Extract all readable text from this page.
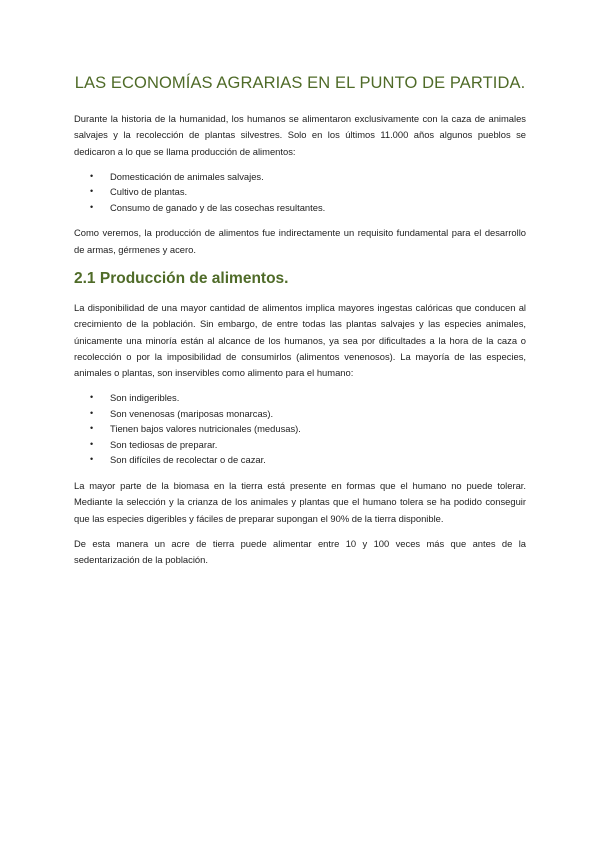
LAS ECONOMÍAS AGRARIAS EN EL PUNTO DE PARTIDA.

Durante la historia de la humanidad, los humanos se alimentaron exclusivamente con la caza de animales salvajes y la recolección de plantas silvestres. Solo en los últimos 11.000 años algunos pueblos se dedicaron a lo que se llama producción de alimentos:

• Domesticación de animales salvajes.
• Cultivo de plantas.
• Consumo de ganado y de las cosechas resultantes.

Como veremos, la producción de alimentos fue indirectamente un requisito fundamental para el desarrollo de armas, gérmenes y acero.

2.1 Producción de alimentos.

La disponibilidad de una mayor cantidad de alimentos implica mayores ingestas calóricas que conducen al crecimiento de la población. Sin embargo, de entre todas las plantas salvajes y las especies animales, únicamente una minoría están al alcance de los humanos, ya sea por dificultades a la hora de la caza o recolección o por la imposibilidad de consumirlos (alimentos venenosos). La mayoría de las especies, animales o plantas, son inservibles como alimento para el humano:

• Son indigeribles.
• Son venenosas (mariposas monarcas).
• Tienen bajos valores nutricionales (medusas).
• Son tediosas de preparar.
• Son difíciles de recolectar o de cazar.

La mayor parte de la biomasa en la tierra está presente en formas que el humano no puede tolerar. Mediante la selección y la crianza de los animales y plantas que el humano tolera se ha podido conseguir que las especies digeribles y fáciles de preparar supongan el 90% de la tierra disponible.

De esta manera un acre de tierra puede alimentar entre 10 y 100 veces más que antes de la sedentarización de la población.
